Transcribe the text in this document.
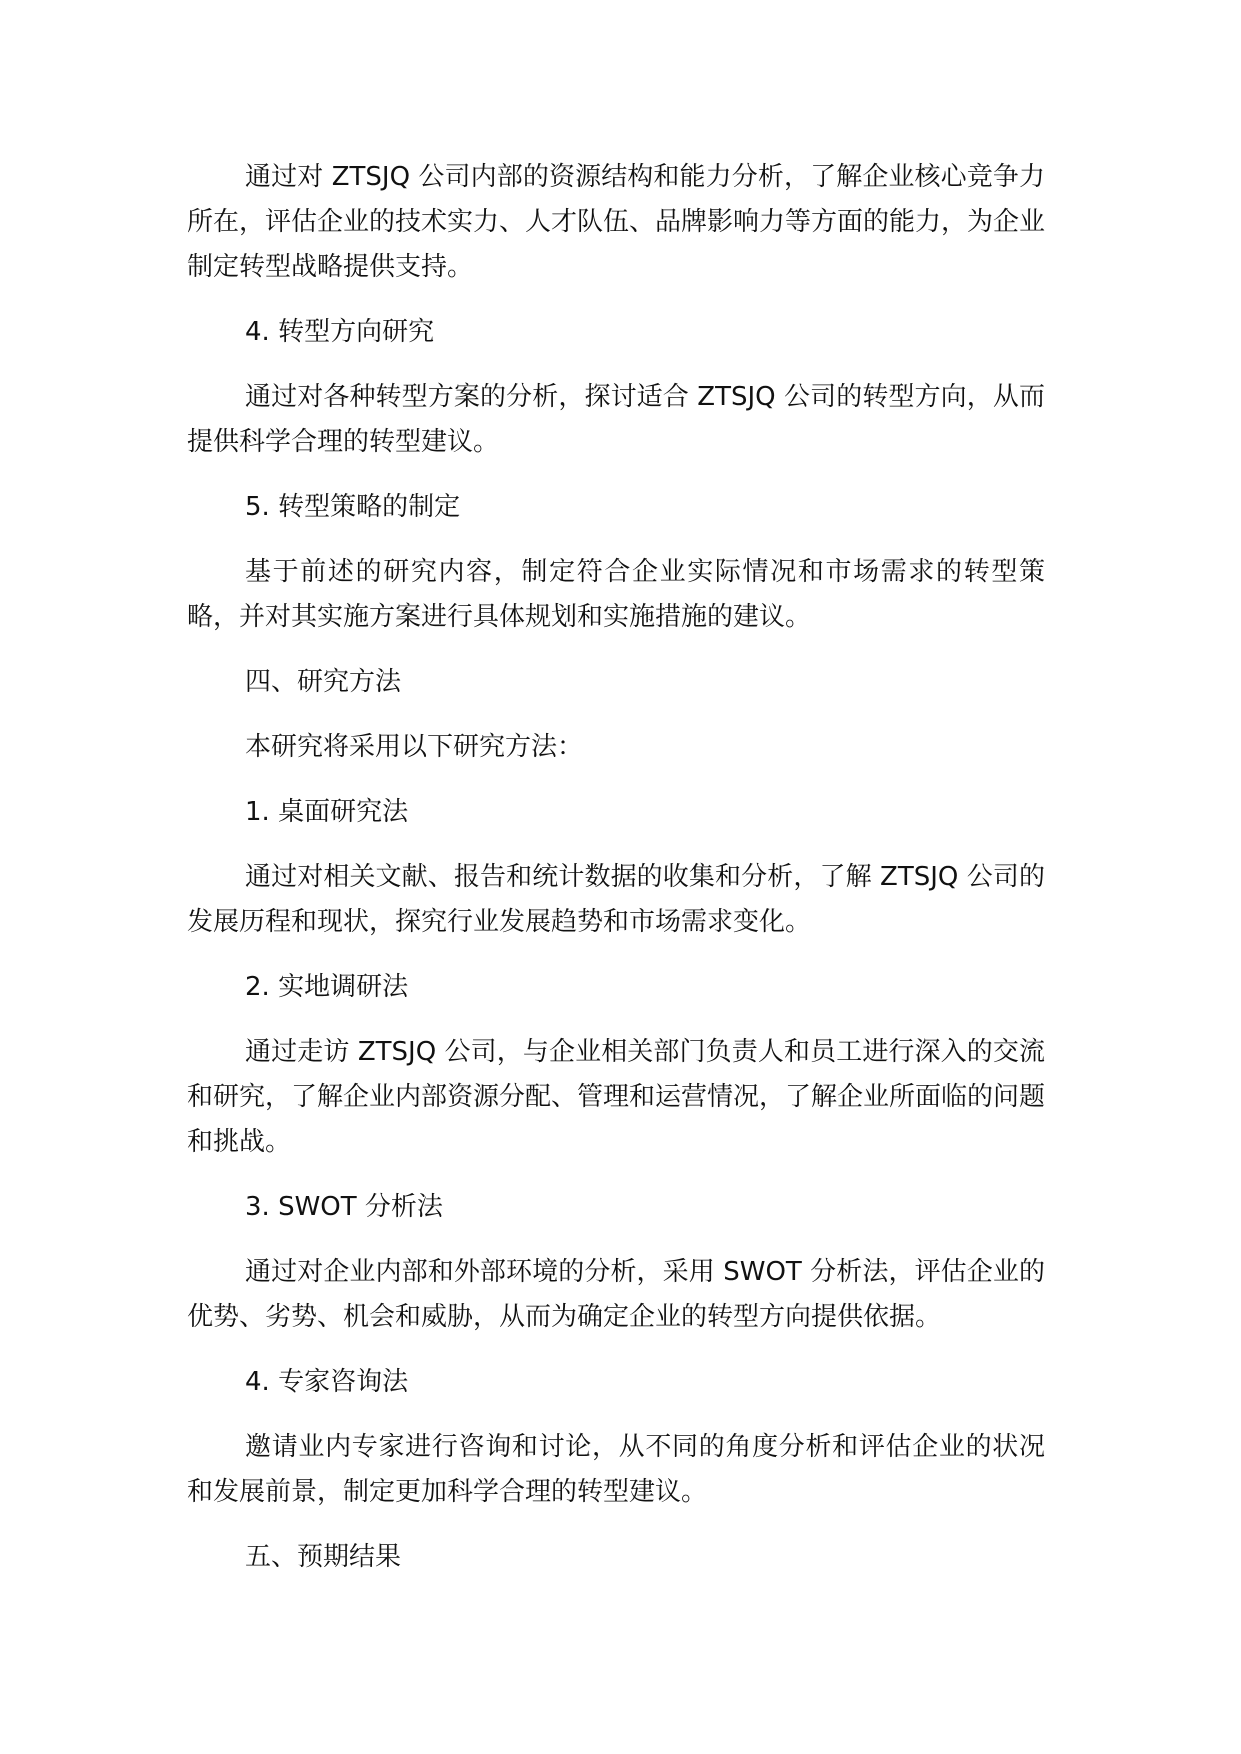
通过对 ZTSJQ 公司内部的资源结构和能力分析，了解企业核心竞争力所在，评估企业的技术实力、人才队伍、品牌影响力等方面的能力，为企业制定转型战略提供支持。

4. 转型方向研究

通过对各种转型方案的分析，探讨适合 ZTSJQ 公司的转型方向，从而提供科学合理的转型建议。

5. 转型策略的制定

基于前述的研究内容，制定符合企业实际情况和市场需求的转型策略，并对其实施方案进行具体规划和实施措施的建议。

四、研究方法

本研究将采用以下研究方法：

1. 桌面研究法

通过对相关文献、报告和统计数据的收集和分析，了解 ZTSJQ 公司的发展历程和现状，探究行业发展趋势和市场需求变化。

2. 实地调研法

通过走访 ZTSJQ 公司，与企业相关部门负责人和员工进行深入的交流和研究，了解企业内部资源分配、管理和运营情况，了解企业所面临的问题和挑战。

3. SWOT 分析法

通过对企业内部和外部环境的分析，采用 SWOT 分析法，评估企业的优势、劣势、机会和威胁，从而为确定企业的转型方向提供依据。

4. 专家咨询法

邀请业内专家进行咨询和讨论，从不同的角度分析和评估企业的状况和发展前景，制定更加科学合理的转型建议。

五、预期结果
